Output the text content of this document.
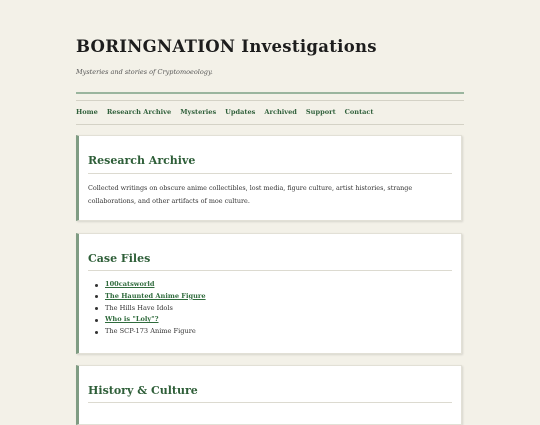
BORINGNATION Investigations
Mysteries and stories of Cryptomoeology.
Home Research Archive Mysteries Updates Archived Support Contact
Research Archive

Collected writings on obscure anime collectibles, lost media, figure culture, artist histories, strange collaborations, and other artifacts of moe culture.

Case Files
100catsworld
The Haunted Anime Figure
The Hills Have Idols
Who is "Loly"?
The SCP-173 Anime Figure
History & Culture
